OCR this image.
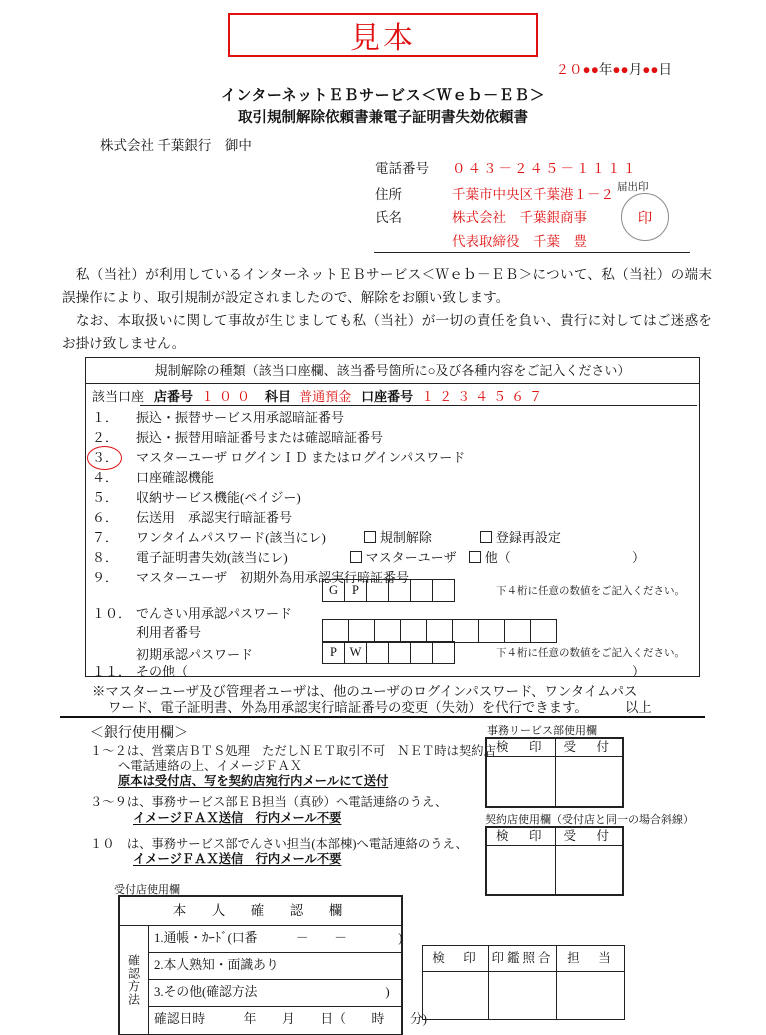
見本
２０●●年●●月●●日
インターネットＥＢサービス＜Ｗｅｂ－ＥＢ＞
取引規制解除依頼書兼電子証明書失効依頼書
株式会社 千葉銀行　御中
電話番号 ０４３－２４５－１１１１
住所	千葉市中央区千葉港１－２
氏名	株式会社　千葉銀商事
代表取締役　千葉　豊
届出印
印
　私（当社）が利用しているインターネットＥＢサービス＜Ｗｅｂ－ＥＢ＞について、私（当社）の端末誤操作により、取引規制が設定されましたので、解除をお願い致します。
　なお、本取扱いに関して事故が生じましても私（当社）が一切の責任を負い、貴行に対してはご迷惑をお掛け致しません。
規制解除の種類（該当口座欄、該当番号箇所に○及び各種内容をご記入ください）
該当口座 店番号 １００ 科目 普通預金 口座番号 １２３４５６７
１． 振込・振替サービス用承認暗証番号
２． 振込・振替用暗証番号または確認暗証番号
３． マスターユーザ ログインＩＤ またはログインパスワード
４． 口座確認機能
５． 収納サービス機能(ペイジー)
６． 伝送用　承認実行暗証番号
７． ワンタイムパスワード(該当にレ)	規制解除	登録再設定
８． 電子証明書失効(該当にレ)	マスターユーザ 他（	）
９． マスターユーザ　初期外為用承認実行暗証番号
G	P	下４桁に任意の数値をご記入ください。
１０． でんさい用承認パスワード
利用者番号
初期承認パスワード	P	W	下４桁に任意の数値をご記入ください。
１１． その他（	）
※マスターユーザ及び管理者ユーザは、他のユーザのログインパスワード、ワンタイムパス
ワード、電子証明書、外為用承認実行暗証番号の変更（失効）を代行できます。	以上
＜銀行使用欄＞
１～２は、営業店ＢＴＳ処理　ただしＮＥＴ取引不可　ＮＥＴ時は契約店
へ電話連絡の上、イメージＦＡＸ
原本は受付店、写を契約店宛行内メールにて送付
３～９は、事務サービス部ＥＢ担当（真砂）へ電話連絡のうえ、
イメージＦＡＸ送信　行内メール不要
１０　は、事務サービス部でんさい担当(本部棟)へ電話連絡のうえ、
イメージＦＡＸ送信　行内メール不要
事務リービス部使用欄
検　印	受　付
契約店使用欄（受付店と同一の場合斜線）
検　印	受　付
受付店使用欄
本　人　確　認　欄
確認方法
1.通帳・ｶｰﾄﾞ(口番　　　－　　－　　　　)
2.本人熟知・面識あり
3.その他(確認方法　　　　　　　　　　)
確認日時　　　年　　月　　日（　　時　　分)
検　印	印鑑照合	担　当
